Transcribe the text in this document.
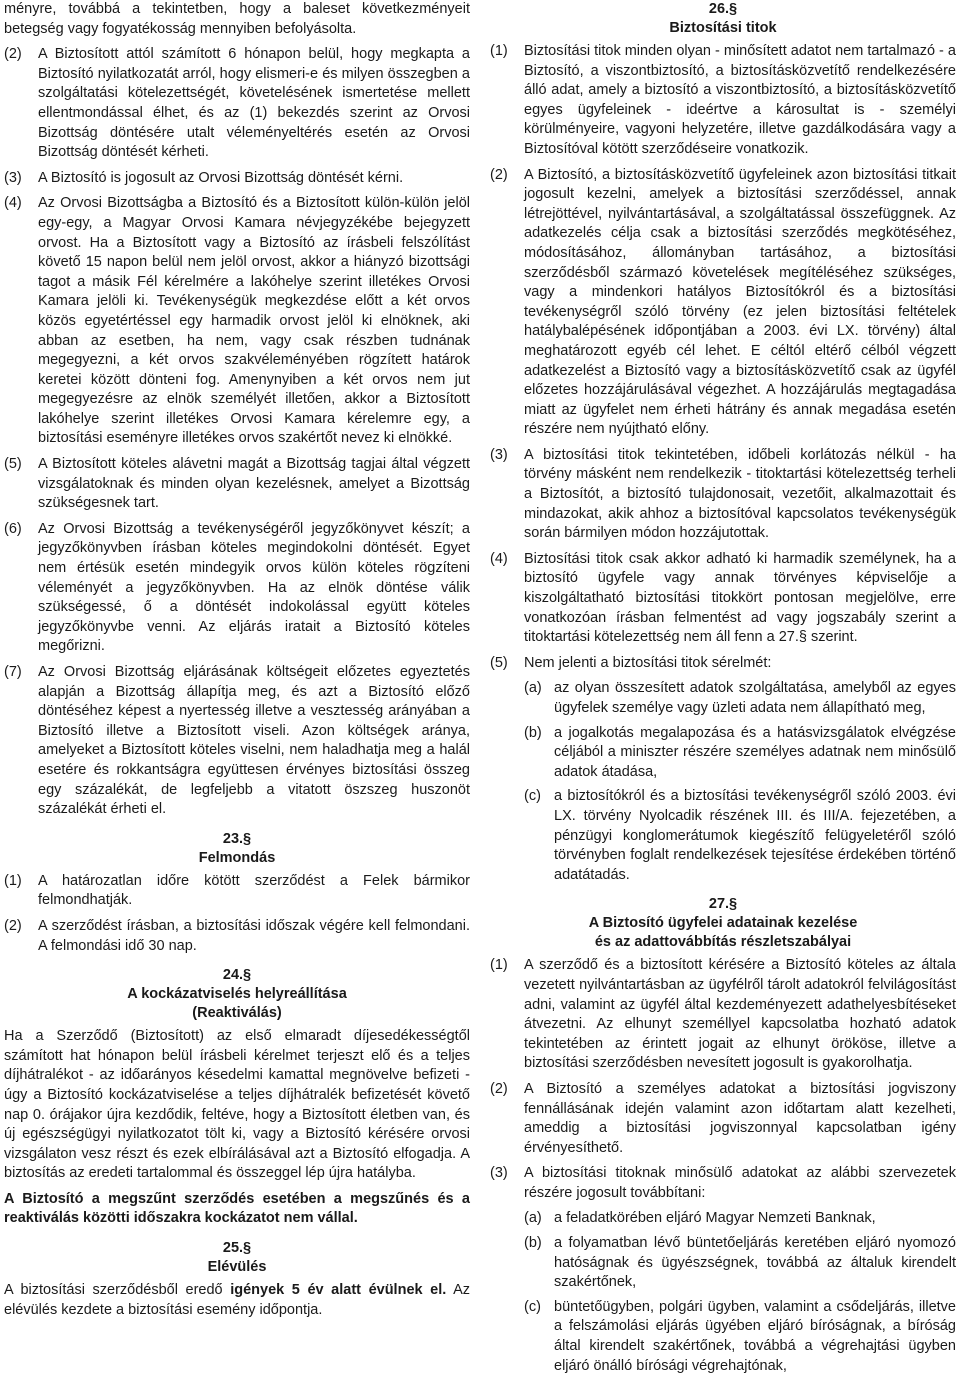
ményre, továbbá a tekintetben, hogy a baleset következményeit betegség vagy fogyatékosság mennyiben befolyásolta.

(2)	A Biztosított attól számított 6 hónapon belül, hogy megkapta a Biztosító nyilatkozatát arról, hogy elismeri-e és milyen összegben a szolgáltatási kötelezettségét, követelésének ismertetése mellett ellentmondással élhet, és az (1) bekezdés szerint az Orvosi Bizottság döntésére utalt véleményeltérés esetén az Orvosi Bizottság döntését kérheti.
(3)	A Biztosító is jogosult az Orvosi Bizottság döntését kérni.
(4)	Az Orvosi Bizottságba a Biztosító és a Biztosított külön-külön jelöl egy-egy, a Magyar Orvosi Kamara névjegyzékébe bejegyzett orvost. Ha a Biztosított vagy a Biztosító az írásbeli felszólítást követő 15 napon belül nem jelöl orvost, akkor a hiányzó bizottsági tagot a másik Fél kérelmére a lakóhelye szerint illetékes Orvosi Kamara jelöli ki. Tevékenységük megkezdése előtt a két orvos közös egyetértéssel egy harmadik orvost jelöl ki elnöknek, aki abban az esetben, ha nem, vagy csak részben tudnának megegyezni, a két orvos szakvéleményében rögzített határok keretei között dönteni fog. Amenynyiben a két orvos nem jut megegyezésre az elnök személyét illetően, akkor a Biztosított lakóhelye szerint illetékes Orvosi Kamara kérelemre egy, a biztosítási eseményre illetékes orvos szakértőt nevez ki elnökké.
(5)	A Biztosított köteles alávetni magát a Bizottság tagjai által végzett vizsgálatoknak és minden olyan kezelésnek, amelyet a Bizottság szükségesnek tart.
(6)	Az Orvosi Bizottság a tevékenységéről jegyzőkönyvet készít; a jegyzőkönyvben írásban köteles megindokolni döntését. Egyet nem értésük esetén mindegyik orvos külön köteles rögzíteni véleményét a jegyzőkönyvben. Ha az elnök döntése válik szükségessé, ő a döntését indokolással együtt köteles jegyzőkönyvbe venni. Az eljárás iratait a Biztosító köteles megőrizni.
(7)	Az Orvosi Bizottság eljárásának költségeit előzetes egyeztetés alapján a Bizottság állapítja meg, és azt a Biztosító előző döntéséhez képest a nyertesség illetve a vesztesség arányában a Biztosító illetve a Biztosított viseli. Azon költségek aránya, amelyeket a Biztosított köteles viselni, nem haladhatja meg a halál esetére és rokkantságra együttesen érvényes biztosítási összeg egy százalékát, de legfeljebb a vitatott öszszeg huszonöt százalékát érheti el.
23.§
Felmondás
(1)	A határozatlan időre kötött szerződést a Felek bármikor felmondhatják.
(2)	A szerződést írásban, a biztosítási időszak végére kell felmondani. A felmondási idő 30 nap.
24.§
A kockázatviselés helyreállítása
(Reaktiválás)

Ha a Szerződő (Biztosított) az első elmaradt díjesedékességtől számított hat hónapon belül írásbeli kérelmet terjeszt elő és a teljes díjhátralékot - az időarányos késedelmi kamattal megnövelve befizeti - úgy a Biztosító kockázatviselése a teljes díjhátralék befizetését követő nap 0. órájakor újra kezdődik, feltéve, hogy a Biztosított életben van, és új egészségügyi nyilatkozatot tölt ki, vagy a Biztosító kérésére orvosi vizsgálaton vesz részt és ezek elbírálásával azt a Biztosító elfogadja. A biztosítás az eredeti tartalommal és összeggel lép újra hatályba.

A Biztosító a megszűnt szerződés esetében a megszűnés és a reaktiválás közötti időszakra kockázatot nem vállal.

25.§
Elévülés

A biztosítási szerződésből eredő igények 5 év alatt évülnek el. Az elévülés kezdete a biztosítási esemény időpontja.

26.§
Biztosítási titok
(1)	Biztosítási titok minden olyan - minősített adatot nem tartalmazó - a Biztosító, a viszontbiztosító, a biztosításközvetítő rendelkezésére álló adat, amely a biztosító a viszontbiztosító, a biztosításközvetítő egyes ügyfeleinek - ideértve a károsultat is - személyi körülményeire, vagyoni helyzetére, illetve gazdálkodására vagy a Biztosítóval kötött szerződéseire vonatkozik.
(2)	A Biztosító, a biztosításközvetítő ügyfeleinek azon biztosítási titkait jogosult kezelni, amelyek a biztosítási szerződéssel, annak létrejöttével, nyilvántartásával, a szolgáltatással összefüggnek. Az adatkezelés célja csak a biztosítási szerződés megkötéséhez, módosításához, állományban tartásához, a biztosítási szerződésből származó követelések megítéléséhez szükséges, vagy a mindenkori hatályos Biztosítókról és a biztosítási tevékenységről szóló törvény (ez jelen biztosítási feltételek hatálybalépésének időpontjában a 2003. évi LX. törvény) által meghatározott egyéb cél lehet. E céltól eltérő célból végzett adatkezelést a Biztosító vagy a biztosításközvetítő csak az ügyfél előzetes hozzájárulásával végezhet. A hozzájárulás megtagadása miatt az ügyfelet nem érheti hátrány és annak megadása esetén részére nem nyújtható előny.
(3)	A biztosítási titok tekintetében, időbeli korlátozás nélkül - ha törvény másként nem rendelkezik - titoktartási kötelezettség terheli a Biztosítót, a biztosító tulajdonosait, vezetőit, alkalmazottait és mindazokat, akik ahhoz a biztosítóval kapcsolatos tevékenységük során bármilyen módon hozzájutottak.
(4)	Biztosítási titok csak akkor adható ki harmadik személynek, ha a biztosító ügyfele vagy annak törvényes képviselője a kiszolgáltatható biztosítási titokkört pontosan megjelölve, erre vonatkozóan írásban felmentést ad vagy jogszabály szerint a titoktartási kötelezettség nem áll fenn a 27.§ szerint.
(5)	Nem jelenti a biztosítási titok sérelmét:
(a) az olyan összesített adatok szolgáltatása, amelyből az egyes ügyfelek személye vagy üzleti adata nem állapítható meg,
(b) a jogalkotás megalapozása és a hatásvizsgálatok elvégzése céljából a miniszter részére személyes adatnak nem minősülő adatok átadása,
(c) a biztosítókról és a biztosítási tevékenységről szóló 2003. évi LX. törvény Nyolcadik részének III. és III/A. fejezetében, a pénzügyi konglomerátumok kiegészítő felügyeletéről szóló törvényben foglalt rendelkezések tejesítése érdekében történő adatátadás.
27.§
A Biztosító ügyfelei adatainak kezelése
és az adattovábbítás részletszabályai
(1)	A szerződő és a biztosított kérésére a Biztosító köteles az általa vezetett nyilvántartásban az ügyfélről tárolt adatokról felvilágosítást adni, valamint az ügyfél által kezdeményezett adathelyesbítéseket átvezetni. Az elhunyt személlyel kapcsolatba hozható adatok tekintetében az érintett jogait az elhunyt örököse, illetve a biztosítási szerződésben nevesített jogosult is gyakorolhatja.
(2)	A Biztosító a személyes adatokat a biztosítási jogviszony fennállásának idején valamint azon időtartam alatt kezelheti, ameddig a biztosítási jogviszonnyal kapcsolatban igény érvényesíthető.
(3)	A biztosítási titoknak minősülő adatokat az alábbi szervezetek részére jogosult továbbítani:
(a) a feladatkörében eljáró Magyar Nemzeti Banknak,
(b) a folyamatban lévő büntetőeljárás keretében eljáró nyomozó hatóságnak és ügyészségnek, továbbá az általuk kirendelt szakértőnek,
(c) büntetőügyben, polgári ügyben, valamint a csődeljárás, illetve a felszámolási eljárás ügyében eljáró bíróságnak, a bíróság által kirendelt szakértőnek, továbbá a végrehajtási ügyben eljáró önálló bírósági végrehajtónak,
